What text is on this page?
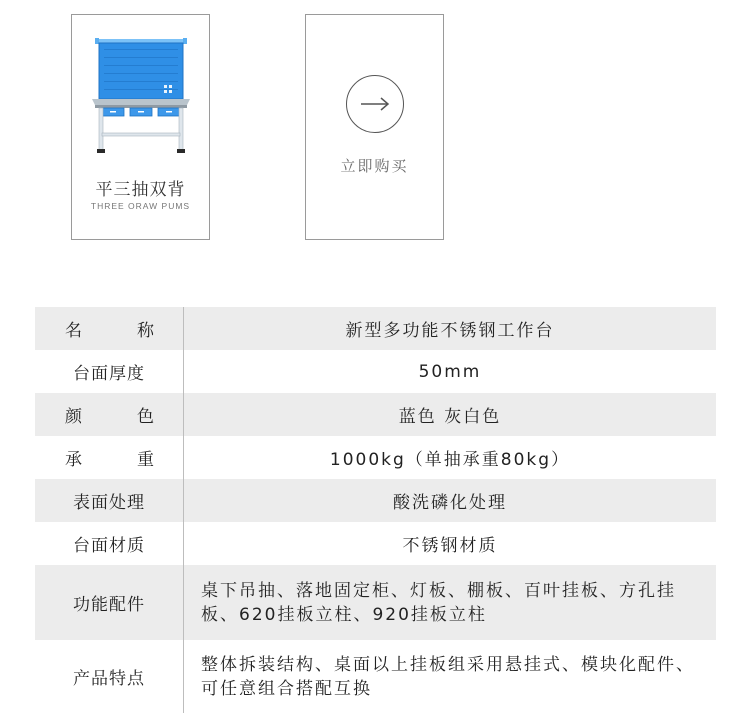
平三抽双背
THREE ORAW PUMS
立即购买
名 称	新型多功能不锈钢工作台
台面厚度	50mm

颜 色	蓝色 灰白色

承 重	1000kg（单抽承重80kg）
表面处理	酸洗磷化处理
台面材质	不锈钢材质
功能配件	桌下吊抽、落地固定柜、灯板、棚板、百叶挂板、方孔挂板、620挂板立柱、920挂板立柱
产品特点	整体拆装结构、桌面以上挂板组采用悬挂式、模块化配件、可任意组合搭配互换
